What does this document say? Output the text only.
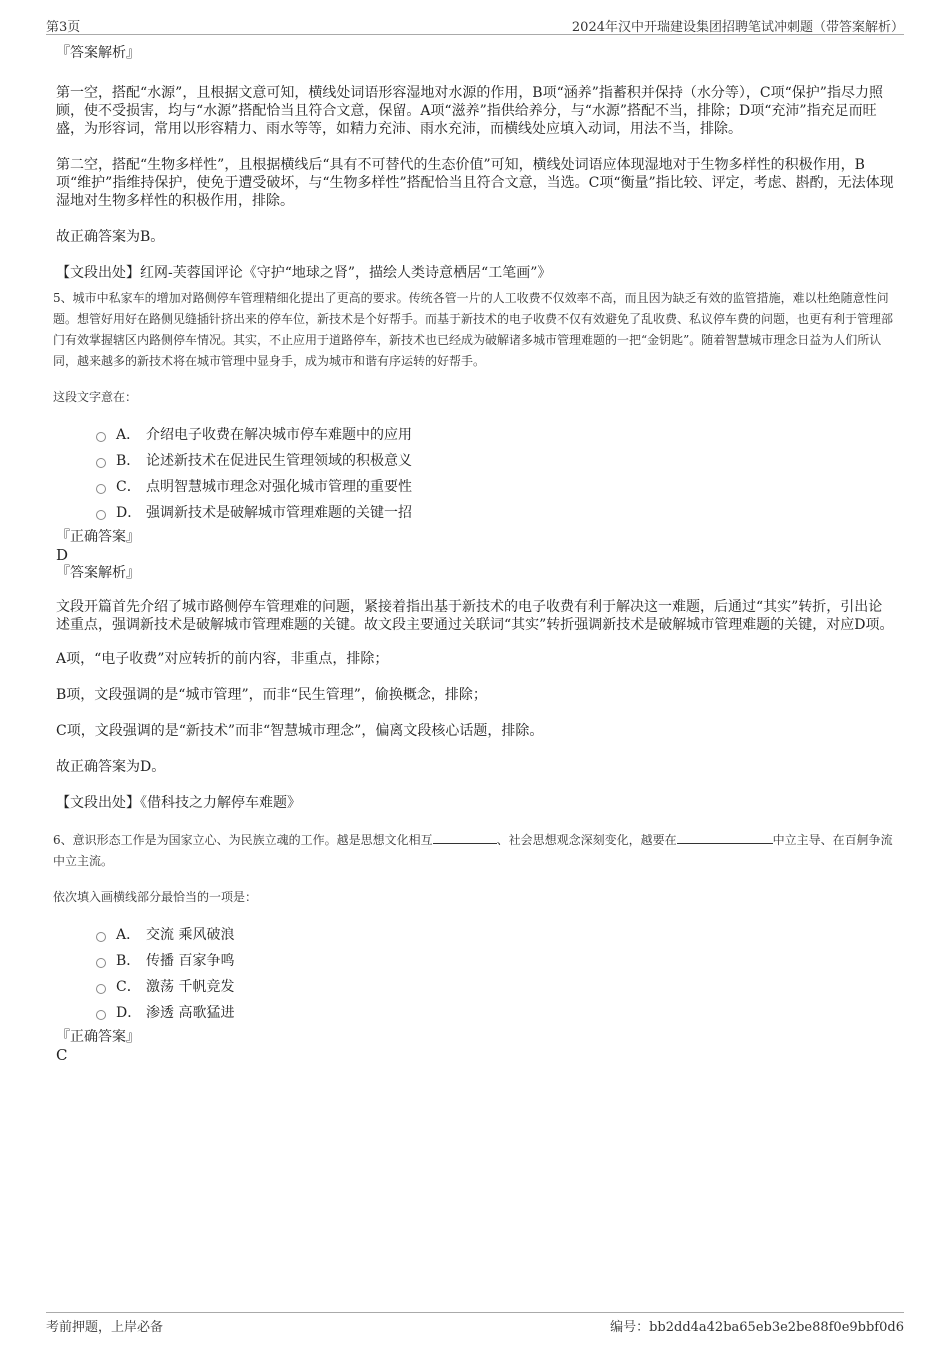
第3页	2024年汉中开瑞建设集团招聘笔试冲刺题（带答案解析）

『答案解析』

第一空，搭配“水源”，且根据文意可知，横线处词语形容湿地对水源的作用，B项“涵养”指蓄积并保持（水分等），C项“保护”指尽力照顾，使不受损害，均与“水源”搭配恰当且符合文意，保留。A项“滋养”指供给养分，与“水源”搭配不当，排除；D项“充沛”指充足而旺盛，为形容词，常用以形容精力、雨水等等，如精力充沛、雨水充沛，而横线处应填入动词，用法不当，排除。

第二空，搭配“生物多样性”，且根据横线后“具有不可替代的生态价值”可知，横线处词语应体现湿地对于生物多样性的积极作用，B项“维护”指维持保护，使免于遭受破坏，与“生物多样性”搭配恰当且符合文意，当选。C项“衡量”指比较、评定，考虑、斟酌，无法体现湿地对生物多样性的积极作用，排除。

故正确答案为B。

【文段出处】红网-芙蓉国评论《守护“地球之肾”，描绘人类诗意栖居“工笔画”》

5、城市中私家车的增加对路侧停车管理精细化提出了更高的要求。传统各管一片的人工收费不仅效率不高，而且因为缺乏有效的监管措施，难以杜绝随意性问题。想管好用好在路侧见缝插针挤出来的停车位，新技术是个好帮手。而基于新技术的电子收费不仅有效避免了乱收费、私议停车费的问题，也更有利于管理部门有效掌握辖区内路侧停车情况。其实，不止应用于道路停车，新技术也已经成为破解诸多城市管理难题的一把“金钥匙”。随着智慧城市理念日益为人们所认同，越来越多的新技术将在城市管理中显身手，成为城市和谐有序运转的好帮手。

这段文字意在：

A． 介绍电子收费在解决城市停车难题中的应用
B． 论述新技术在促进民生管理领域的积极意义
C． 点明智慧城市理念对强化城市管理的重要性
D． 强调新技术是破解城市管理难题的关键一招

『正确答案』

D

『答案解析』

文段开篇首先介绍了城市路侧停车管理难的问题，紧接着指出基于新技术的电子收费有利于解决这一难题，后通过“其实”转折，引出论述重点，强调新技术是破解城市管理难题的关键。故文段主要通过关联词“其实”转折强调新技术是破解城市管理难题的关键，对应D项。

A项，“电子收费”对应转折的前内容，非重点，排除；

B项，文段强调的是“城市管理”，而非“民生管理”，偷换概念，排除；

C项，文段强调的是“新技术”而非“智慧城市理念”，偏离文段核心话题，排除。

故正确答案为D。

【文段出处】《借科技之力解停车难题》

6、意识形态工作是为国家立心、为民族立魂的工作。越是思想文化相互	、社会思想观念深刻变化，越要在	中立主导、在百舸争流中立主流。

依次填入画横线部分最恰当的一项是：

A． 交流 乘风破浪
B． 传播 百家争鸣
C． 激荡 千帆竞发
D． 渗透 高歌猛进

『正确答案』

C

考前押题，上岸必备	编号：bb2dd4a42ba65eb3e2be88f0e9bbf0d6
